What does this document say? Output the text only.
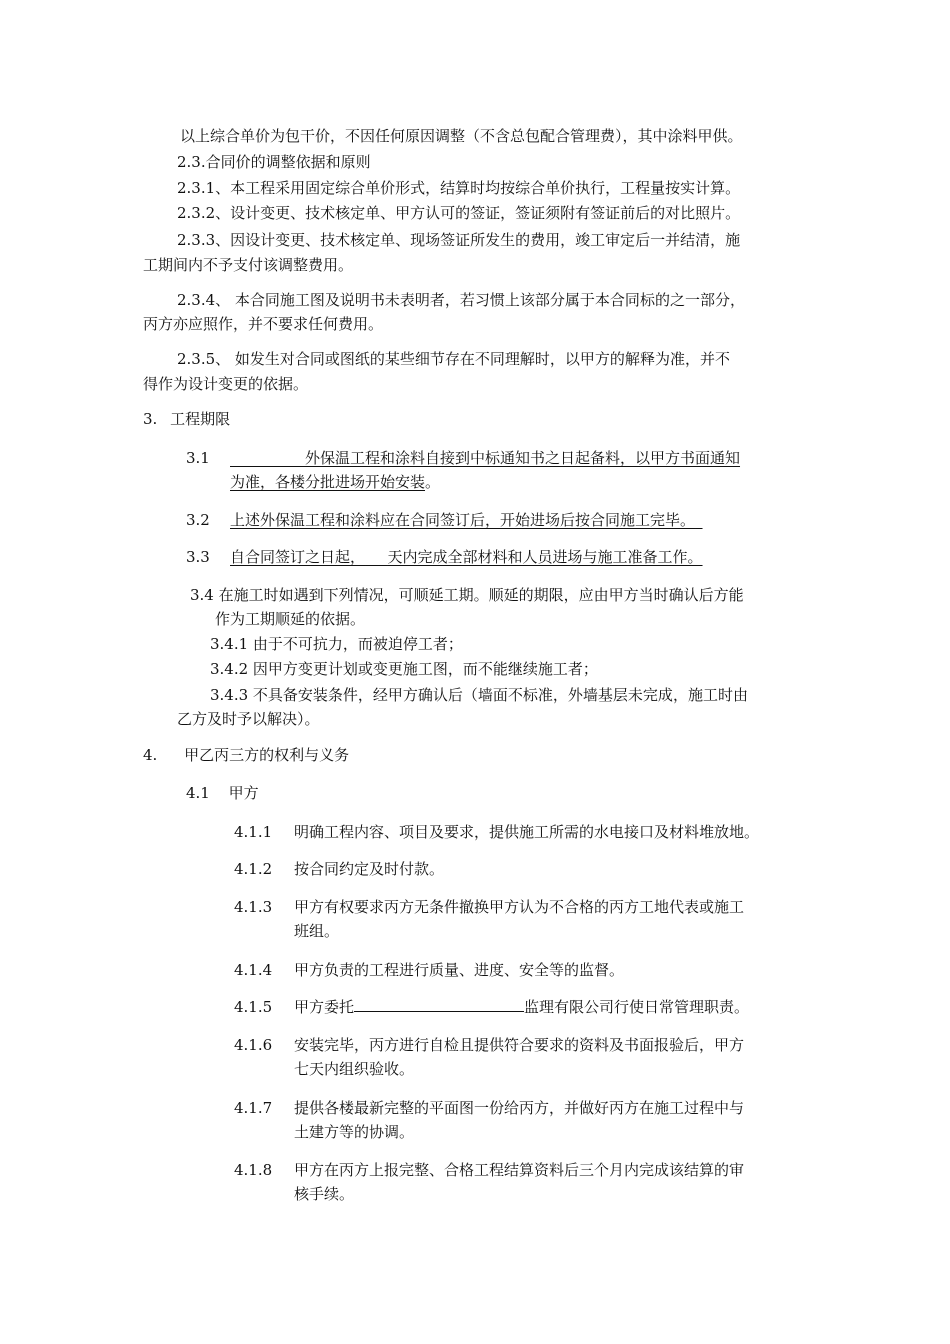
以上综合单价为包干价，不因任何原因调整（不含总包配合管理费），其中涂料甲供。
2.3.合同价的调整依据和原则
2.3.1、本工程采用固定综合单价形式，结算时均按综合单价执行，工程量按实计算。
2.3.2、设计变更、技术核定单、甲方认可的签证，签证须附有签证前后的对比照片。
2.3.3、因设计变更、技术核定单、现场签证所发生的费用，竣工审定后一并结清，施
工期间内不予支付该调整费用。
2.3.4、 本合同施工图及说明书未表明者，若习惯上该部分属于本合同标的之一部分，
丙方亦应照作，并不要求任何费用。
2.3.5、 如发生对合同或图纸的某些细节存在不同理解时，以甲方的解释为准，并不
得作为设计变更的依据。
3. 工程期限
3.1
     	外保温工程和涂料自接到中标通知书之日起备料，以甲方书面通知
为准，各楼分批进场开始安装。
3.2 上述外保温工程和涂料应在合同签订后，开始进场后按合同施工完毕。 
3.3 自合同签订之日起，   天内完成全部材料和人员进场与施工准备工作。
3.4 在施工时如遇到下列情况，可顺延工期。顺延的期限，应由甲方当时确认后方能
作为工期顺延的依据。
3.4.1 由于不可抗力，而被迫停工者；
3.4.2 因甲方变更计划或变更施工图，而不能继续施工者；
3.4.3 不具备安装条件，经甲方确认后（墙面不标准，外墙基层未完成，施工时由
乙方及时予以解决）。
4. 甲乙丙三方的权利与义务
4.1 甲方
4.1.1 明确工程内容、项目及要求，提供施工所需的水电接口及材料堆放地。
4.1.2 按合同约定及时付款。
4.1.3 甲方有权要求丙方无条件撤换甲方认为不合格的丙方工地代表或施工
班组。
4.1.4 甲方负责的工程进行质量、进度、安全等的监督。
4.1.5 甲方委托	监理有限公司行使日常管理职责。
4.1.6 安装完毕，丙方进行自检且提供符合要求的资料及书面报验后，甲方
七天内组织验收。
4.1.7 提供各楼最新完整的平面图一份给丙方，并做好丙方在施工过程中与
土建方等的协调。
4.1.8 甲方在丙方上报完整、合格工程结算资料后三个月内完成该结算的审
核手续。
